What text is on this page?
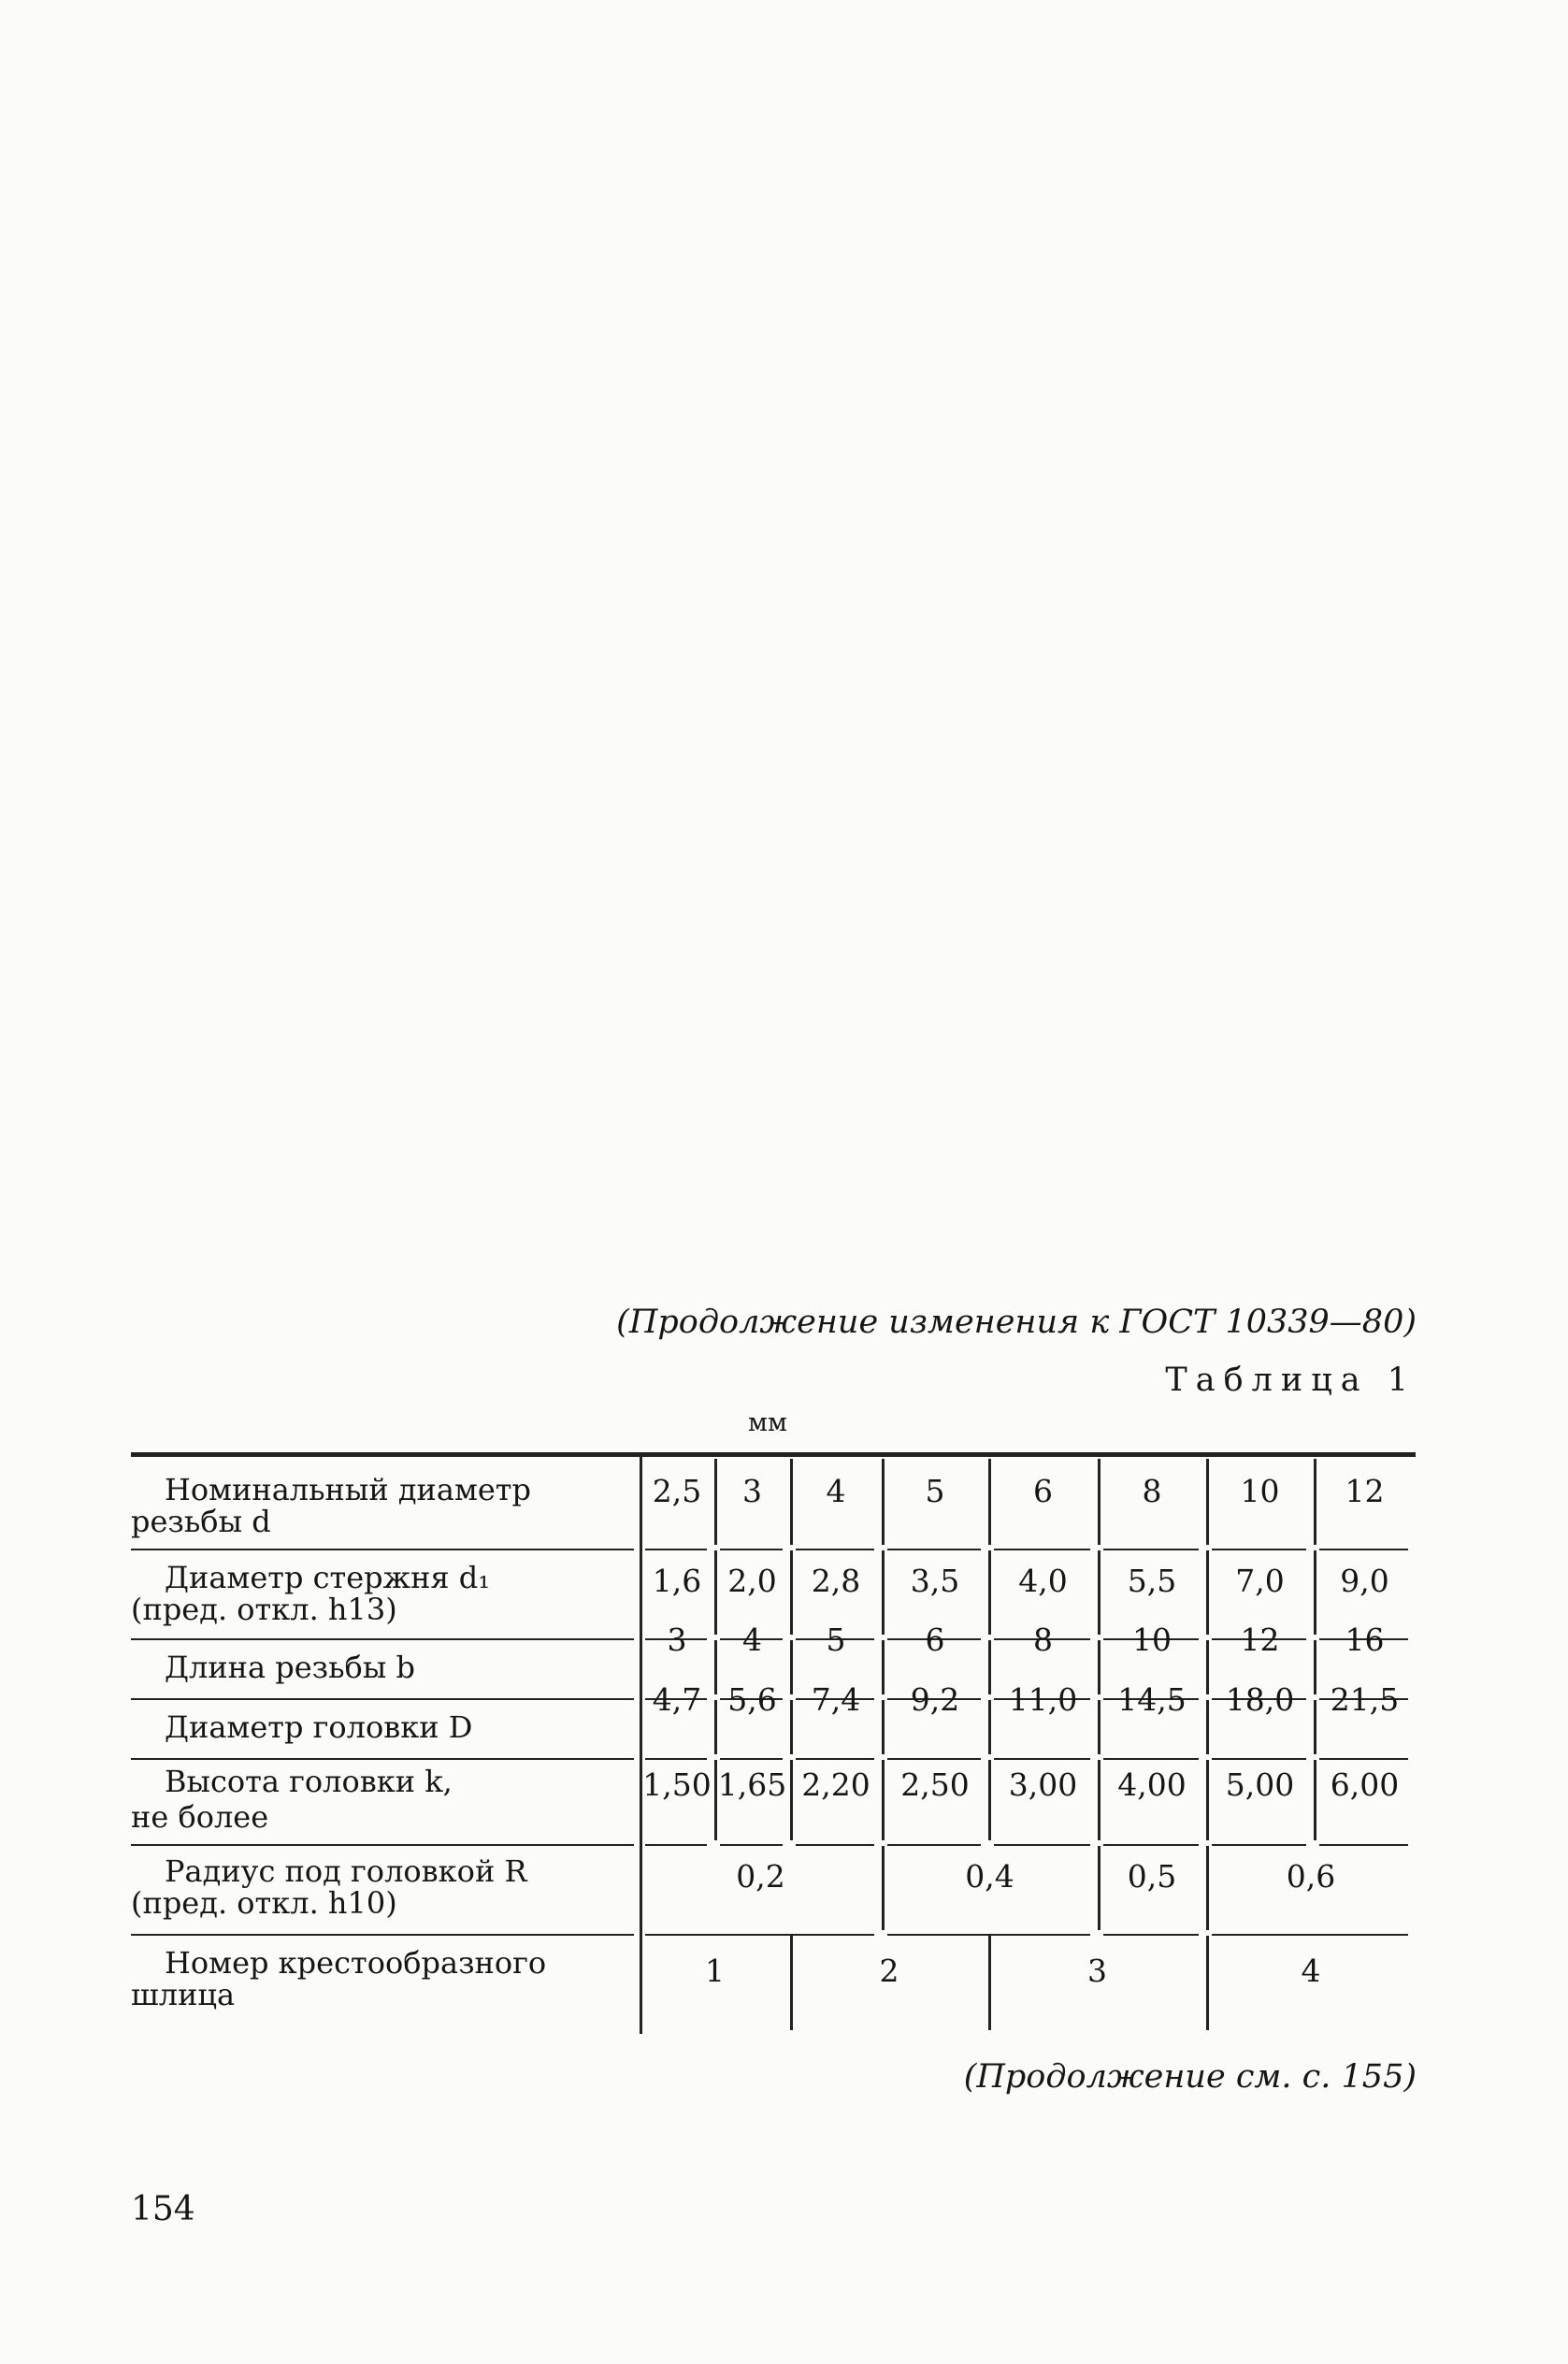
(Продолжение изменения к ГОСТ 10339—80)
Таблица 1
мм
Номинальный диаметр
резьбы d
2,5 3 4	5	6	8	10 12
Диаметр стержня d₁
(пред. откл. h13)
1,6 2,0 2,8 3,5 4,0 5,5 7,0 9,0
Длина резьбы b
3 4 5	6	8	10 12 16
Диаметр головки D
4,7 5,6 7,4 9,2 11,0 14,5 18,0 21,5
Высота головки k,
не более
1,50 1,65 2,20 2,50 3,00 4,00 5,00 6,00
Радиус под головкой R
(пред. откл. h10)
0,2	0,4	0,5	0,6
Номер крестообразного
шлица
1	2	3	4
(Продолжение см. с. 155)
154
